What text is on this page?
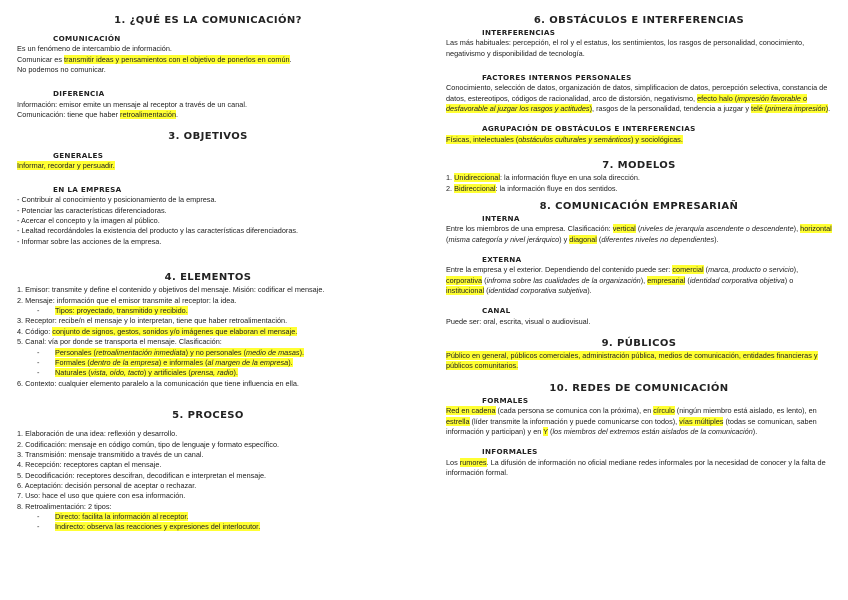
1. ¿QUÉ ES LA COMUNICACIÓN?
COMUNICACIÓN

Es un fenómeno de intercambio de información.

Comunicar es transmitir ideas y pensamientos con el objetivo de ponerlos en común.

No podemos no comunicar.

DIFERENCIA

Información: emisor emite un mensaje al receptor a través de un canal.

Comunicación: tiene que haber retroalimentación.

3. OBJETIVOS
GENERALES

Informar, recordar y persuadir.

EN LA EMPRESA

- Contribuir al conocimiento y posicionamiento de la empresa.

- Potenciar las características diferenciadoras.

- Acercar el concepto y la imagen al público.

- Lealtad recordándoles la existencia del producto y las características diferenciadoras.

- Informar sobre las acciones de la empresa.

4. ELEMENTOS

1. Emisor: transmite y define el contenido y objetivos del mensaje. Misión: codificar el mensaje.

2. Mensaje: información que el emisor transmite al receptor: la idea.

- Tipos: proyectado, transmitido y recibido.

3. Receptor: recibe/n el mensaje y lo interpretan, tiene que haber retroalimentación.

4. Código: conjunto de signos, gestos, sonidos y/o imágenes que elaboran el mensaje.

5. Canal: vía por donde se transporta el mensaje. Clasificación:

- Personales (retroalimentación inmediata) y no personales (medio de masas).

- Formales (dentro de la empresa) e informales (al margen de la empresa).

- Naturales (vista, oído, tacto) y artificiales (prensa, radio).

6. Contexto: cualquier elemento paralelo a la comunicación que tiene influencia en ella.

5. PROCESO

1. Elaboración de una idea: reflexión y desarrollo.

2. Codificación: mensaje en código común, tipo de lenguaje y formato específico.

3. Transmisión: mensaje transmitido a través de un canal.

4. Recepción: receptores captan el mensaje.

5. Decodificación: receptores descifran, decodifican e interpretan el mensaje.

6. Aceptación: decisión personal de aceptar o rechazar.

7. Uso: hace el uso que quiere con esa información.

8. Retroalimentación: 2 tipos:

- Directo: facilita la información al receptor.

- Indirecto: observa las reacciones y expresiones del interlocutor.

6. OBSTÁCULOS E INTERFERENCIAS
INTERFERENCIAS

Las más habituales: percepción, el rol y el estatus, los sentimientos, los rasgos de personalidad, conocimiento, negativismo y disponibilidad de tecnología.

FACTORES INTERNOS PERSONALES

Conocimiento, selección de datos, organización de datos, simplificacion de datos, percepción selectiva, constancia de datos, estereotipos, códigos de racionalidad, arco de distorsión, negativismo, efecto halo (impresión favorable o desfavorable al juzgar los rasgos y actitudes), rasgos de la personalidad, tendencia a juzgar y telé (primera impresión).

AGRUPACIÓN DE OBSTÁCULOS E INTERFERENCIAS

Físicas, intelectuales (obstáculos culturales y semánticos) y sociológicas.

7. MODELOS

1. Unidireccional: la información fluye en una sola dirección.

2. Bidireccional: la información fluye en dos sentidos.

8. COMUNICACIÓN EMPRESARIAÑ
INTERNA

Entre los miembros de una empresa. Clasificación: vertical (niveles de jerarquía ascendente o descendente), horizontal (misma categoría y nivel jerárquico) y diagonal (diferentes niveles no dependientes).

EXTERNA

Entre la empresa y el exterior. Dependiendo del contenido puede ser: comercial (marca, producto o servicio), corporativa (infroma sobre las cualidades de la organización), empresarial (identidad corporativa objetiva) o institucional (identidad corporativa subjetiva).

CANAL

Puede ser: oral, escrita, visual o audiovisual.

9. PÚBLICOS

Público en general, públicos comerciales, administración pública, medios de comunicación, entidades financieras y públicos comunitarios.

10. REDES DE COMUNICACIÓN
FORMALES

Red en cadena (cada persona se comunica con la próxima), en círculo (ningún miembro está aislado, es lento), en estrella (líder transmite la información y puede comunicarse con todos), vías múltiples (todas se comunican, saben información y participan) y en Y (los miembros del extremos están aislados de la comunicación).

INFORMALES

Los rumores. La difusión de información no oficial mediane redes informales por la necesidad de conocer y la falta de información formal.
